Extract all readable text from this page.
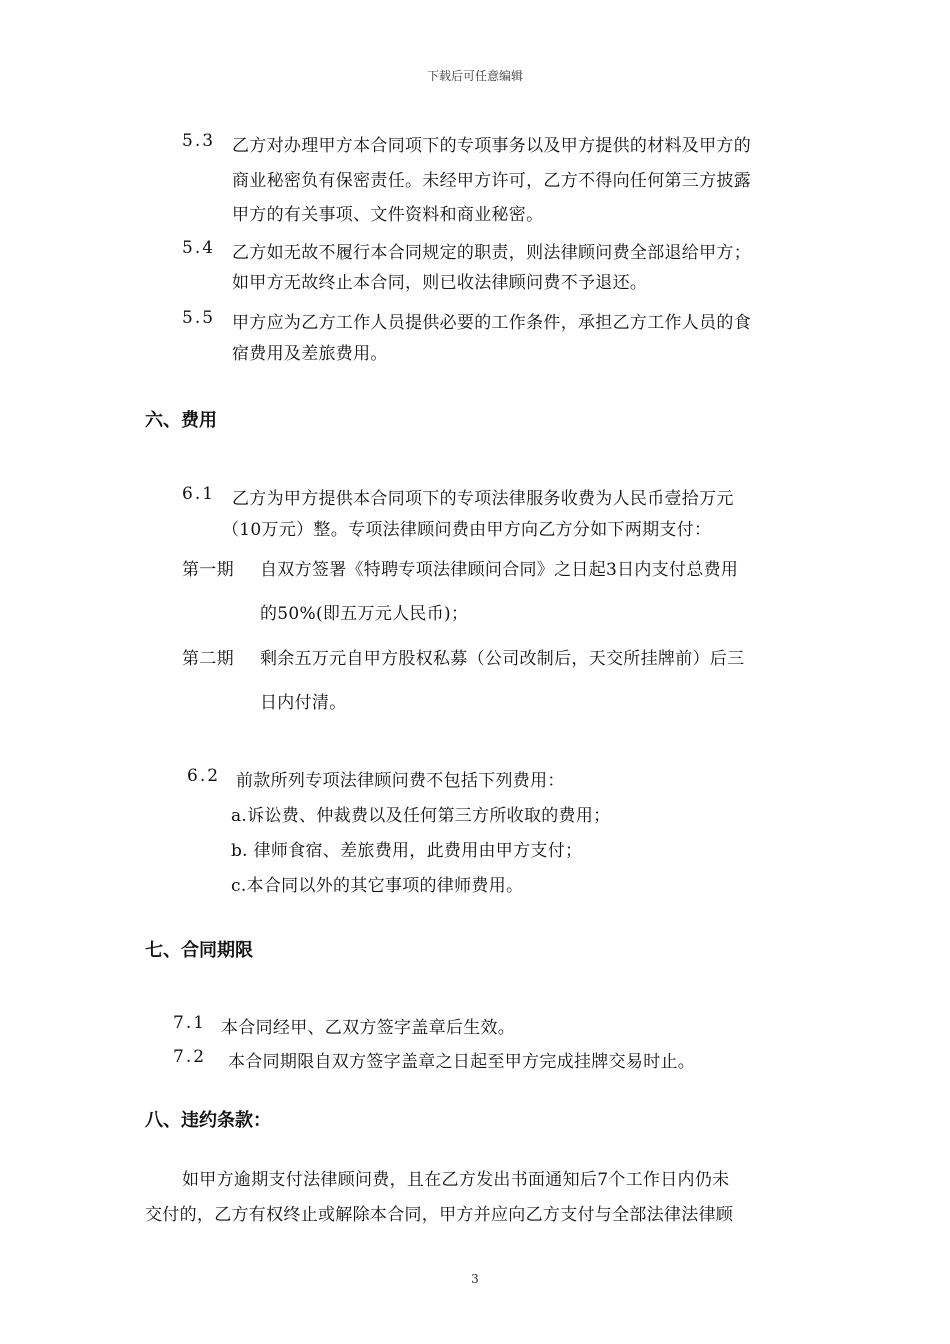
下载后可任意编辑
5.3 乙方对办理甲方本合同项下的专项事务以及甲方提供的材料及甲方的
商业秘密负有保密责任。未经甲方许可，乙方不得向任何第三方披露
甲方的有关事项、文件资料和商业秘密。
5.4 乙方如无故不履行本合同规定的职责，则法律顾问费全部退给甲方；
如甲方无故终止本合同，则已收法律顾问费不予退还。
5.5 甲方应为乙方工作人员提供必要的工作条件，承担乙方工作人员的食
宿费用及差旅费用。
六、费用
6.1 乙方为甲方提供本合同项下的专项法律服务收费为人民币壹拾万元
（10万元）整。专项法律顾问费由甲方向乙方分如下两期支付：
第一期 自双方签署《特聘专项法律顾问合同》之日起3日内支付总费用
的50%(即五万元人民币)；
第二期 剩余五万元自甲方股权私募（公司改制后，天交所挂牌前）后三
日内付清。
6.2 前款所列专项法律顾问费不包括下列费用：
a.诉讼费、仲裁费以及任何第三方所收取的费用；
b. 律师食宿、差旅费用，此费用由甲方支付；
c.本合同以外的其它事项的律师费用。
七、合同期限
7.1 本合同经甲、乙双方签字盖章后生效。
7.2 本合同期限自双方签字盖章之日起至甲方完成挂牌交易时止。
八、违约条款：
如甲方逾期支付法律顾问费，且在乙方发出书面通知后7个工作日内仍未
交付的，乙方有权终止或解除本合同，甲方并应向乙方支付与全部法律法律顾
3
